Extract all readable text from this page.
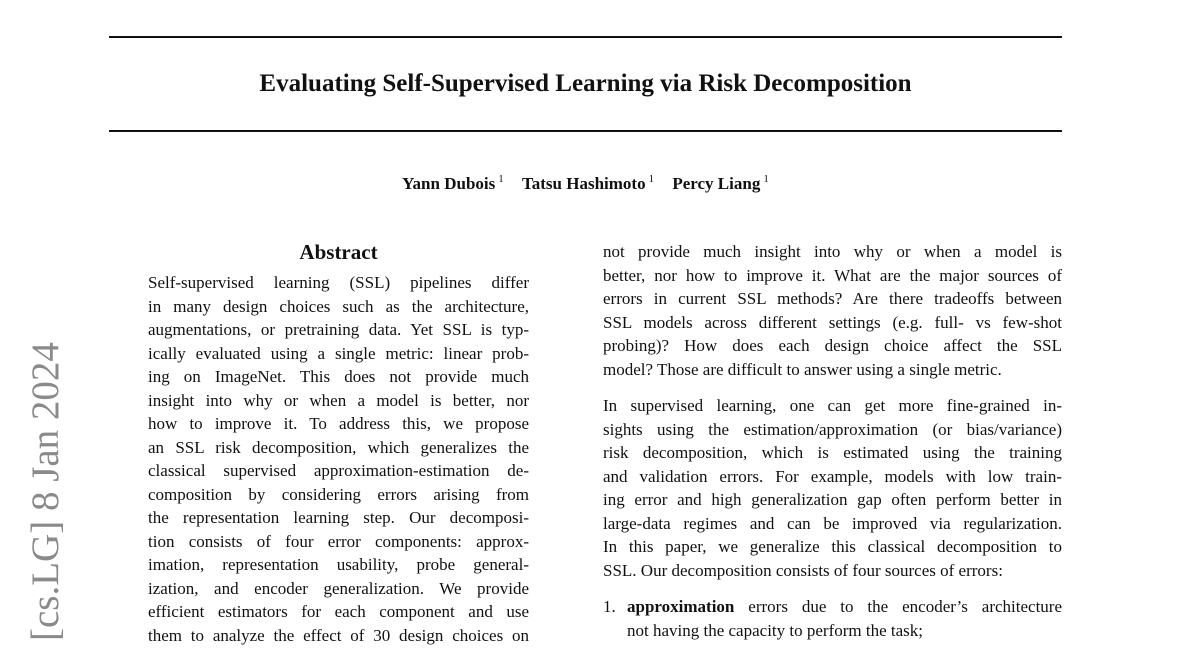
Evaluating Self-Supervised Learning via Risk Decomposition
Yann Dubois $^1$ Tatsu Hashimoto $^1$ Percy Liang $^1$
[cs.LG] 8 Jan 2024
Abstract
Self-supervised learning (SSL) pipelines differ
in many design choices such as the architecture,
augmentations, or pretraining data. Yet SSL is typ-
ically evaluated using a single metric: linear prob-
ing on ImageNet. This does not provide much
insight into why or when a model is better, nor
how to improve it. To address this, we propose
an SSL risk decomposition, which generalizes the
classical supervised approximation-estimation de-
composition by considering errors arising from
the representation learning step. Our decomposi-
tion consists of four error components: approx-
imation, representation usability, probe general-
ization, and encoder generalization. We provide
efficient estimators for each component and use
them to analyze the effect of 30 design choices on
not provide much insight into why or when a model is
better, nor how to improve it. What are the major sources of
errors in current SSL methods? Are there tradeoffs between
SSL models across different settings (e.g. full- vs few-shot
probing)? How does each design choice affect the SSL
model? Those are difficult to answer using a single metric.
In supervised learning, one can get more fine-grained in-
sights using the estimation/approximation (or bias/variance)
risk decomposition, which is estimated using the training
and validation errors. For example, models with low train-
ing error and high generalization gap often perform better in
large-data regimes and can be improved via regularization.
In this paper, we generalize this classical decomposition to
SSL. Our decomposition consists of four sources of errors:
1. approximation errors due to the encoder’s architecture
not having the capacity to perform the task;
